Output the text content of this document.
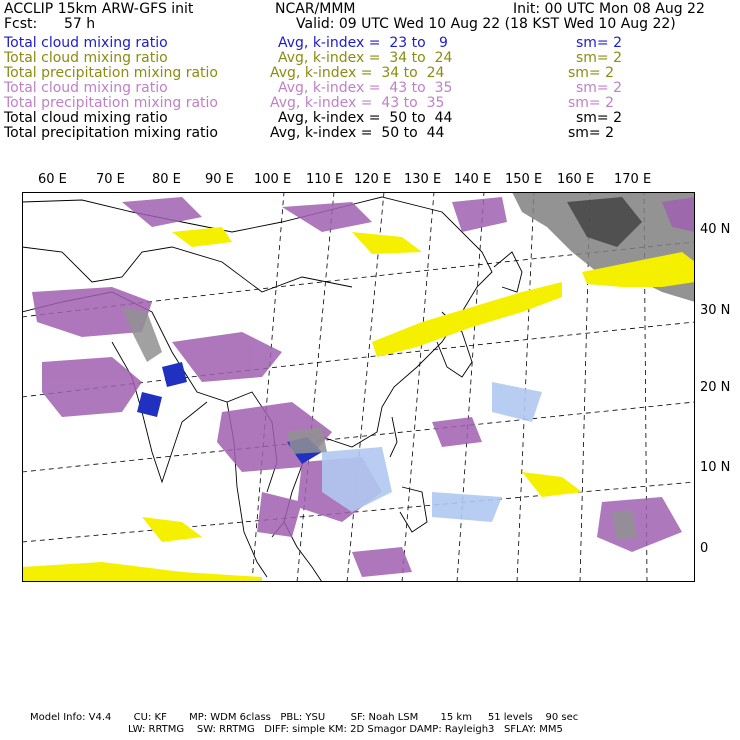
ACCLIP 15km ARW-GFS init	NCAR/MMM	Init: 00 UTC Mon 08 Aug 22
Fcst: 57 h	Valid: 09 UTC Wed 10 Aug 22 (18 KST Wed 10 Aug 22)
Total cloud mixing ratio	Avg, k-index =  23 to   9	sm= 2
Total cloud mixing ratio	Avg, k-index =  34 to  24	sm= 2
Total precipitation mixing ratio	Avg, k-index =  34 to  24	sm= 2
Total cloud mixing ratio	Avg, k-index =  43 to  35	sm= 2
Total precipitation mixing ratio	Avg, k-index =  43 to  35	sm= 2
Total cloud mixing ratio	Avg, k-index =  50 to  44	sm= 2
Total precipitation mixing ratio	Avg, k-index =  50 to  44	sm= 2
60 E 70 E 80 E 90 E 100 E 110 E 120 E 130 E 140 E 150 E 160 E 170 E
40 N
30 N
20 N
10 N
0
Model Info: V4.4       CU: KF       MP: WDM 6class   PBL: YSU        SF: Noah LSM       15 km     51 levels    90 sec
LW: RRTMG    SW: RRTMG   DIFF: simple KM: 2D Smagor DAMP: Rayleigh3   SFLAY: MM5
